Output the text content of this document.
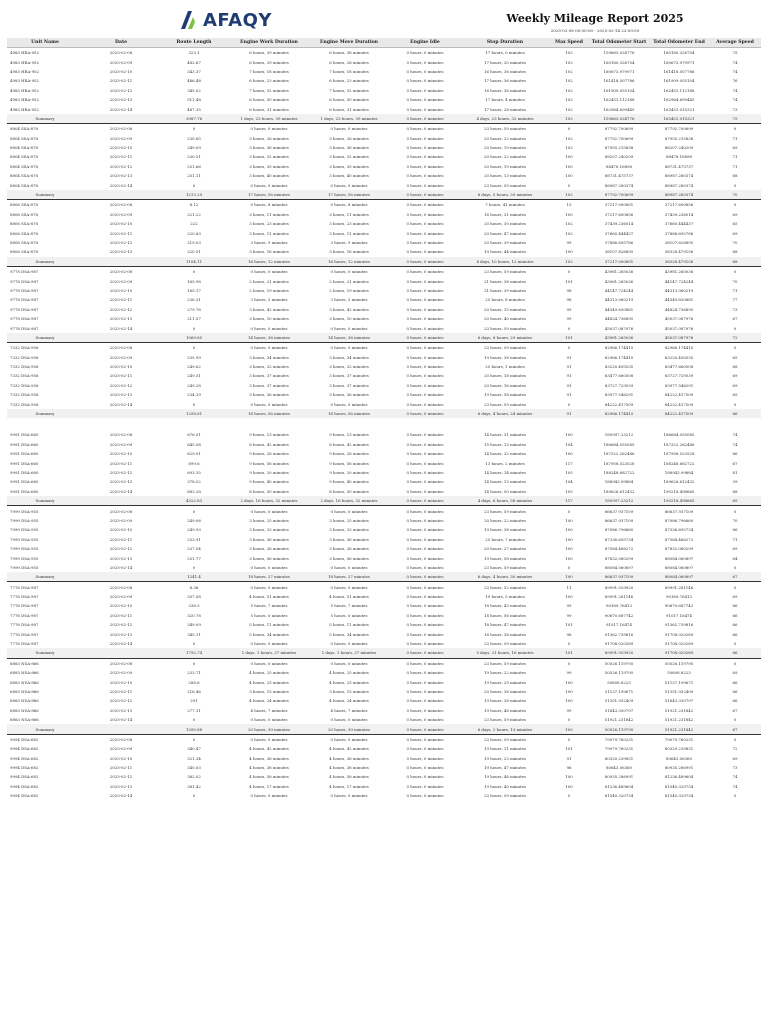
AFAQY	Weekly Mileage Report 2025
2025-02-08 00:00:00 - 2025-02-14 23:59:59
Unit Name	Date	Route Length	Engine Work Duration	Engine Move Duration	Engine Idle	Stop Duration	Max Speed	Total Odometer Start	Total Odometer End	Average Speed
4983 HRA-952	2025-02-08	323.1	6 hours, 39 minutes	6 hours, 38 minutes	0 hours, 0 minutes	17 hours, 0 minutes	102	159663.024776	160180.326754	75
4983 HRA-952	2025-02-09	482.67	6 hours, 29 minutes	6 hours, 28 minutes	0 hours, 0 minutes	17 hours, 30 minutes	102	160180.326754	160673.979971	74
4983 HRA-952	2025-02-10	343.37	7 hours, 18 minutes	7 hours, 18 minutes	0 hours, 0 minutes	16 hours, 36 minutes	102	160673.979971	161418.507786	74
4983 HRA-952	2025-02-11	486.48	6 hours, 23 minutes	6 hours, 23 minutes	0 hours, 0 minutes	17 hours, 36 minutes	102	161418.507786	161909.055104	76
4983 HRA-952	2025-02-12	345.02	7 hours, 32 minutes	7 hours, 32 minutes	0 hours, 0 minutes	16 hours, 36 minutes	102	161909.055104	162451.112188	74
4983 HRA-952	2025-02-13	511.48	6 hours, 50 minutes	6 hours, 50 minutes	0 hours, 0 minutes	17 hours, 4 minutes	102	162451.112188	162964.699445	74
4983 HRA-952	2025-02-14	487.35	6 hours, 31 minutes	6 hours, 31 minutes	0 hours, 0 minutes	17 hours, 28 minutes	102	162964.699445	163451.015321	73
Summary		3987.76	1 days, 23 hours, 39 minutes	1 days, 23 hours, 39 minutes	0 hours, 0 minutes	4 days, 23 hours, 32 minutes	102	159663.024776	163451.015321	75
8804 SSA-878	2025-02-08	0	0 hours, 0 minutes	0 hours, 0 minutes	0 hours, 0 minutes	23 hours, 59 minutes	0	87792.700699	87792.700699	0
8804 SSA-878	2025-02-09	230.65	3 hours, 26 minutes	3 hours, 26 minutes	0 hours, 0 minutes	20 hours, 22 minutes	102	87792.700699	87955.215838	71
8804 SSA-878	2025-02-10	249.09	3 hours, 36 minutes	3 hours, 36 minutes	0 hours, 0 minutes	20 hours, 19 minutes	102	87955.215838	88207.240209	69
8804 SSA-878	2025-02-11	230.51	3 hours, 32 minutes	3 hours, 32 minutes	0 hours, 0 minutes	20 hours, 22 minutes	100	88207.240209	88478.16898	71
8804 SSA-878	2025-02-12	251.66	3 hours, 35 minutes	3 hours, 35 minutes	0 hours, 0 minutes	20 hours, 19 minutes	100	88478.16898	88731.475737	71
8804 SSA-878	2025-02-13	251.11	3 hours, 40 minutes	3 hours, 40 minutes	0 hours, 0 minutes	20 hours, 13 minutes	100	88731.475737	88987.280374	68
8804 SSA-878	2025-02-14	0	0 hours, 0 minutes	0 hours, 0 minutes	0 hours, 0 minutes	23 hours, 59 minutes	0	88987.280374	88987.280374	0
Summary		1213.29	17 hours, 56 minutes	17 hours, 56 minutes	0 hours, 0 minutes	6 days, 5 hours, 39 minutes	102	87792.700699	88987.280374	70
8806 SSA-878	2025-02-08	8.12	0 hours, 8 minutes	0 hours, 8 minutes	0 hours, 0 minutes	7 hours, 41 minutes	15	37217.000891	37217.600856	0
8806 SSA-878	2025-02-09	221.22	3 hours, 11 minutes	3 hours, 11 minutes	0 hours, 0 minutes	16 hours, 31 minutes	100	37217.600856	37439.236014	69
8806 SSA-878	2025-02-10	222	3 hours, 23 minutes	3 hours, 23 minutes	0 hours, 0 minutes	20 hours, 30 minutes	102	37439.236014	37660.444437	65
8806 SSA-878	2025-02-11	220.63	3 hours, 11 minutes	3 hours, 11 minutes	0 hours, 0 minutes	20 hours, 47 minutes	102	37660.444437	37886.695786	69
8806 SSA-878	2025-02-12	219.03	3 hours, 9 minutes	3 hours, 9 minutes	0 hours, 0 minutes	20 hours, 39 minutes	99	37886.695786	38107.826895	70
8806 SSA-878	2025-02-13	220.51	3 hours, 16 minutes	3 hours, 16 minutes	0 hours, 0 minutes	19 hours, 44 minutes	100	38107.826895	38328.479156	68
Summary		1104.11	16 hours, 12 minutes	16 hours, 12 minutes	0 hours, 0 minutes	4 days, 10 hours, 12 minutes	102	37217.000891	38328.479156	68
9778 DSA-987	2025-02-08	0	0 hours, 0 minutes	0 hours, 0 minutes	0 hours, 0 minutes	23 hours, 59 minutes	0	43981.265036	43981.265036	0
9778 DSA-987	2025-02-09	165.98	2 hours, 21 minutes	2 hours, 21 minutes	0 hours, 0 minutes	21 hours, 38 minutes	101	43981.265036	44147.724244	70
9778 DSA-987	2025-02-10	165.17	2 hours, 19 minutes	2 hours, 19 minutes	0 hours, 0 minutes	21 hours, 39 minutes	98	44147.724244	44313.060219	71
9778 DSA-987	2025-02-11	236.31	3 hours, 3 minutes	3 hours, 3 minutes	0 hours, 0 minutes	20 hours, 8 minutes	98	44313.060219	44549.830881	77
9778 DSA-987	2025-02-12	279.76	3 hours, 42 minutes	3 hours, 42 minutes	0 hours, 0 minutes	20 hours, 15 minutes	99	44549.830881	44824.736895	73
9778 DSA-987	2025-02-13	211.57	3 hours, 10 minutes	3 hours, 10 minutes	0 hours, 0 minutes	20 hours, 40 minutes	99	44824.736895	45037.087976	67
9778 DSA-987	2025-02-14	0	0 hours, 0 minutes	0 hours, 0 minutes	0 hours, 0 minutes	23 hours, 59 minutes	0	45037.087976	45037.087976	0
Summary		1069.85	14 hours, 36 minutes	14 hours, 36 minutes	0 hours, 0 minutes	6 days, 8 hours, 29 minutes	101	43981.265036	45037.087976	72
7332 DSA-956	2025-02-08	0	0 hours, 0 minutes	0 hours, 0 minutes	0 hours, 0 minutes	23 hours, 59 minutes	0	82966.174410	82966.174410	0
7332 DSA-956	2025-02-09	235.99	3 hours, 34 minutes	3 hours, 34 minutes	0 hours, 0 minutes	19 hours, 38 minutes	91	82966.174410	83220.495535	65
7332 DSA-956	2025-02-10	249.62	3 hours, 32 minutes	3 hours, 32 minutes	0 hours, 0 minutes	20 hours, 1 minutes	91	83220.495535	83477.660508	68
7332 DSA-956	2025-02-11	249.51	3 hours, 37 minutes	3 hours, 37 minutes	0 hours, 0 minutes	20 hours, 18 minutes	91	83477.660508	83727.729539	69
7332 DSA-956	2025-02-12	249.28	3 hours, 37 minutes	3 hours, 37 minutes	0 hours, 0 minutes	20 hours, 16 minutes	91	83727.729539	83977.546291	69
7332 DSA-956	2025-02-13	234.19	3 hours, 36 minutes	3 hours, 36 minutes	0 hours, 0 minutes	19 hours, 58 minutes	91	83977.546291	84222.417509	65
7332 DSA-956	2025-02-14	0	0 hours, 0 minutes	0 hours, 0 minutes	0 hours, 0 minutes	23 hours, 59 minutes	0	84222.417509	84222.417509	0
Summary		1258.61	18 hours, 56 minutes	18 hours, 56 minutes	0 hours, 0 minutes	6 days, 4 hours, 24 minutes	91	82966.174410	84222.417509	66

9991 DSA-660	2025-02-08	676.51	9 hours, 13 minutes	9 hours, 13 minutes	0 hours, 0 minutes	14 hours, 31 minutes	100	185997.23212	186684.055085	74
9991 DSA-660	2025-02-09	645.08	8 hours, 42 minutes	8 hours, 42 minutes	0 hours, 0 minutes	15 hours, 13 minutes	104	186684.055085	187322.262486	74
9991 DSA-660	2025-02-10	629.01	9 hours, 28 minutes	9 hours, 28 minutes	0 hours, 0 minutes	14 hours, 32 minutes	100	187322.262486	187958.523528	66
9991 DSA-660	2025-02-11	899.6	9 hours, 56 minutes	9 hours, 56 minutes	0 hours, 0 minutes	13 hours, 2 minutes	117	187958.523528	188248.682722	67
9991 DSA-660	2025-02-12	693.35	9 hours, 20 minutes	9 hours, 20 minutes	0 hours, 0 minutes	14 hours, 14 minutes	105	188248.682722	188943.99884	81
9991 DSA-660	2025-02-13	378.02	9 hours, 40 minutes	9 hours, 40 minutes	0 hours, 0 minutes	14 hours, 13 minutes	104	188943.99884	189626.612432	39
9991 DSA-660	2025-02-14	683.28	8 hours, 50 minutes	8 hours, 50 minutes	0 hours, 0 minutes	14 hours, 50 minutes	105	189626.612432	190218.498665	68
Summary		4322.83	2 days, 16 hours, 32 minutes	2 days, 16 hours, 32 minutes	0 hours, 0 minutes	4 days, 6 hours, 58 minutes	117	185997.23212	190218.498665	65
7999 DSA-955	2025-02-08	0	0 hours, 0 minutes	0 hours, 0 minutes	0 hours, 0 minutes	23 hours, 59 minutes	0	86637.937109	86637.937109	0
7999 DSA-955	2025-02-09	249.06	3 hours, 25 minutes	3 hours, 25 minutes	0 hours, 0 minutes	20 hours, 22 minutes	100	86637.937109	87086.796660	70
7999 DSA-955	2025-02-10	249.93	3 hours, 33 minutes	3 hours, 33 minutes	0 hours, 0 minutes	19 hours, 38 minutes	100	87086.796660	87336.695734	66
7999 DSA-955	2025-02-11	253.91	3 hours, 36 minutes	3 hours, 36 minutes	0 hours, 0 minutes	20 hours, 7 minutes	100	87336.695734	87584.486272	71
7999 DSA-955	2025-02-12	237.04	3 hours, 26 minutes	3 hours, 26 minutes	0 hours, 0 minutes	20 hours, 27 minutes	100	87584.486272	87832.080299	69
7999 DSA-955	2025-02-13	251.77	3 hours, 56 minutes	3 hours, 56 minutes	0 hours, 0 minutes	19 hours, 58 minutes	100	87832.080299	88084.060897	64
7999 DSA-955	2025-02-14	0	0 hours, 0 minutes	0 hours, 0 minutes	0 hours, 0 minutes	23 hours, 59 minutes	0	88084.060897	88084.060897	0
Summary		1241.4	18 hours, 27 minutes	18 hours, 27 minutes	0 hours, 0 minutes	6 days, 4 hours, 30 minutes	100	86637.937109	88084.060897	67
7776 DSA-987	2025-02-08	8.36	0 hours, 0 minutes	0 hours, 0 minutes	0 hours, 0 minutes	23 hours, 52 minutes	11	89991.929920	89991.281146	0
7776 DSA-987	2025-02-09	337.08	4 hours, 51 minutes	4 hours, 51 minutes	0 hours, 0 minutes	19 hours, 5 minutes	100	89991.281146	90169.76413	69
7776 DSA-987	2025-02-10	336.5	5 hours, 7 minutes	5 hours, 7 minutes	0 hours, 0 minutes	18 hours, 43 minutes	99	90169.76413	90670.687742	66
7776 DSA-987	2025-02-11	320.78	5 hours, 0 minutes	5 hours, 0 minutes	0 hours, 0 minutes	18 hours, 56 minutes	99	90670.687742	91017.16474	66
7776 DSA-987	2025-02-12	349.09	5 hours, 11 minutes	5 hours, 11 minutes	0 hours, 0 minutes	18 hours, 47 minutes	101	91017.16474	91362.739816	66
7776 DSA-987	2025-02-13	345.11	5 hours, 34 minutes	5 hours, 34 minutes	0 hours, 0 minutes	18 hours, 38 minutes	96	91362.739816	91708.020289	66
7776 DSA-987	2025-02-14	0	0 hours, 0 minutes	0 hours, 0 minutes	0 hours, 0 minutes	23 hours, 59 minutes	0	91708.020289	91708.020289	0
Summary		1792.74	1 days, 1 hours, 37 minutes	1 days, 1 hours, 37 minutes	0 hours, 0 minutes	5 days, 21 hours, 16 minutes	101	89991.929920	91708.020289	66
6883 NSA-866	2025-02-08	0	0 hours, 0 minutes	0 hours, 0 minutes	0 hours, 0 minutes	23 hours, 59 minutes	0	50526.119795	50526.119795	0
6883 NSA-866	2025-02-09	233.71	4 hours, 25 minutes	4 hours, 25 minutes	0 hours, 0 minutes	19 hours, 22 minutes	99	50526.119795	50808.8223	69
6883 NSA-866	2025-02-10	288.6	4 hours, 23 minutes	4 hours, 23 minutes	0 hours, 0 minutes	19 hours, 29 minutes	100	50808.8223	51137.199671	66
6883 NSA-866	2025-02-11	216.46	3 hours, 15 minutes	3 hours, 15 minutes	0 hours, 0 minutes	20 hours, 38 minutes	100	51137.199671	51351.932409	66
6883 NSA-866	2025-02-12	291	4 hours, 24 minutes	4 hours, 24 minutes	0 hours, 0 minutes	19 hours, 38 minutes	100	51351.932409	51643.330797	66
6883 NSA-866	2025-02-13	277.11	4 hours, 7 minutes	4 hours, 7 minutes	0 hours, 0 minutes	19 hours, 48 minutes	99	51643.330797	51921.231842	67
6883 NSA-866	2025-02-14	0	0 hours, 0 minutes	0 hours, 0 minutes	0 hours, 0 minutes	23 hours, 59 minutes	0	51921.231842	51921.231842	0
Summary		1395.88	20 hours, 30 minutes	20 hours, 30 minutes	0 hours, 0 minutes	6 days, 2 hours, 13 minutes	100	50526.119795	51921.231842	67
9994 DSA-682	2025-02-08	0	0 hours, 0 minutes	0 hours, 0 minutes	0 hours, 0 minutes	23 hours, 59 minutes	0	79079.760231	79079.760231	0
9994 DSA-682	2025-02-09	340.47	4 hours, 42 minutes	4 hours, 42 minutes	0 hours, 0 minutes	19 hours, 11 minutes	101	79079.760231	80320.239831	72
9994 DSA-682	2025-02-10	321.34	4 hours, 36 minutes	4 hours, 36 minutes	0 hours, 0 minutes	19 hours, 23 minutes	91	80320.239831	80643.06360	69
9994 DSA-682	2025-02-11	340.03	4 hours, 38 minutes	4 hours, 38 minutes	0 hours, 0 minutes	19 hours, 47 minutes	96	80643.06360	80935.286991	73
9994 DSA-682	2025-02-12	382.02	4 hours, 58 minutes	4 hours, 58 minutes	0 hours, 0 minutes	19 hours, 48 minutes	100	80935.286991	81236.489604	74
9994 DSA-682	2025-02-13	381.42	4 hours, 17 minutes	4 hours, 17 minutes	0 hours, 0 minutes	19 hours, 40 minutes	100	81236.489604	81540.320734	74
9994 DSA-682	2025-02-14	0	0 hours, 0 minutes	0 hours, 0 minutes	0 hours, 0 minutes	23 hours, 59 minutes	0	81540.320734	81540.320734	0
